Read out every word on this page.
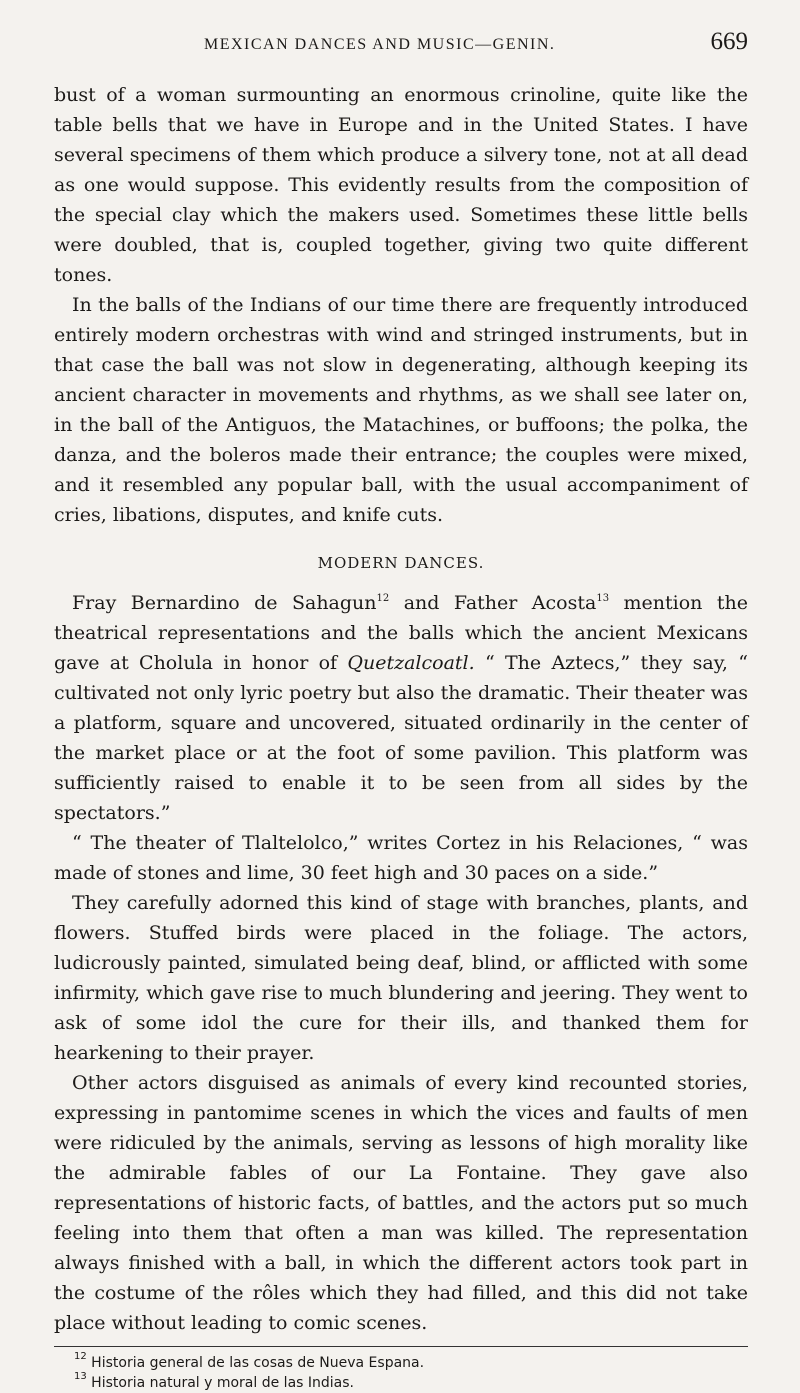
MEXICAN DANCES AND MUSIC—GENIN.	669

bust of a woman surmounting an enormous crinoline, quite like the table bells that we have in Europe and in the United States. I have several specimens of them which produce a silvery tone, not at all dead as one would suppose. This evidently results from the composition of the special clay which the makers used. Sometimes these little bells were doubled, that is, coupled together, giving two quite different tones.

In the balls of the Indians of our time there are frequently introduced entirely modern orchestras with wind and stringed instruments, but in that case the ball was not slow in degenerating, although keeping its ancient character in movements and rhythms, as we shall see later on, in the ball of the Antiguos, the Matachines, or buffoons; the polka, the danza, and the boleros made their entrance; the couples were mixed, and it resembled any popular ball, with the usual accompaniment of cries, libations, disputes, and knife cuts.

MODERN DANCES.

Fray Bernardino de Sahagun$^{12}$ and Father Acosta$^{13}$ mention the theatrical representations and the balls which the ancient Mexicans gave at Cholula in honor of Quetzalcoatl. “ The Aztecs,” they say, “ cultivated not only lyric poetry but also the dramatic. Their theater was a platform, square and uncovered, situated ordinarily in the center of the market place or at the foot of some pavilion. This platform was sufficiently raised to enable it to be seen from all sides by the spectators.”

“ The theater of Tlaltelolco,” writes Cortez in his Relaciones, “ was made of stones and lime, 30 feet high and 30 paces on a side.”

They carefully adorned this kind of stage with branches, plants, and flowers. Stuffed birds were placed in the foliage. The actors, ludicrously painted, simulated being deaf, blind, or afflicted with some infirmity, which gave rise to much blundering and jeering. They went to ask of some idol the cure for their ills, and thanked them for hearkening to their prayer.

Other actors disguised as animals of every kind recounted stories, expressing in pantomime scenes in which the vices and faults of men were ridiculed by the animals, serving as lessons of high morality like the admirable fables of our La Fontaine. They gave also representations of historic facts, of battles, and the actors put so much feeling into them that often a man was killed. The representation always finished with a ball, in which the different actors took part in the costume of the rôles which they had filled, and this did not take place without leading to comic scenes.

$^{12}$ Historia general de las cosas de Nueva Espana.
$^{13}$ Historia natural y moral de las Indias.
